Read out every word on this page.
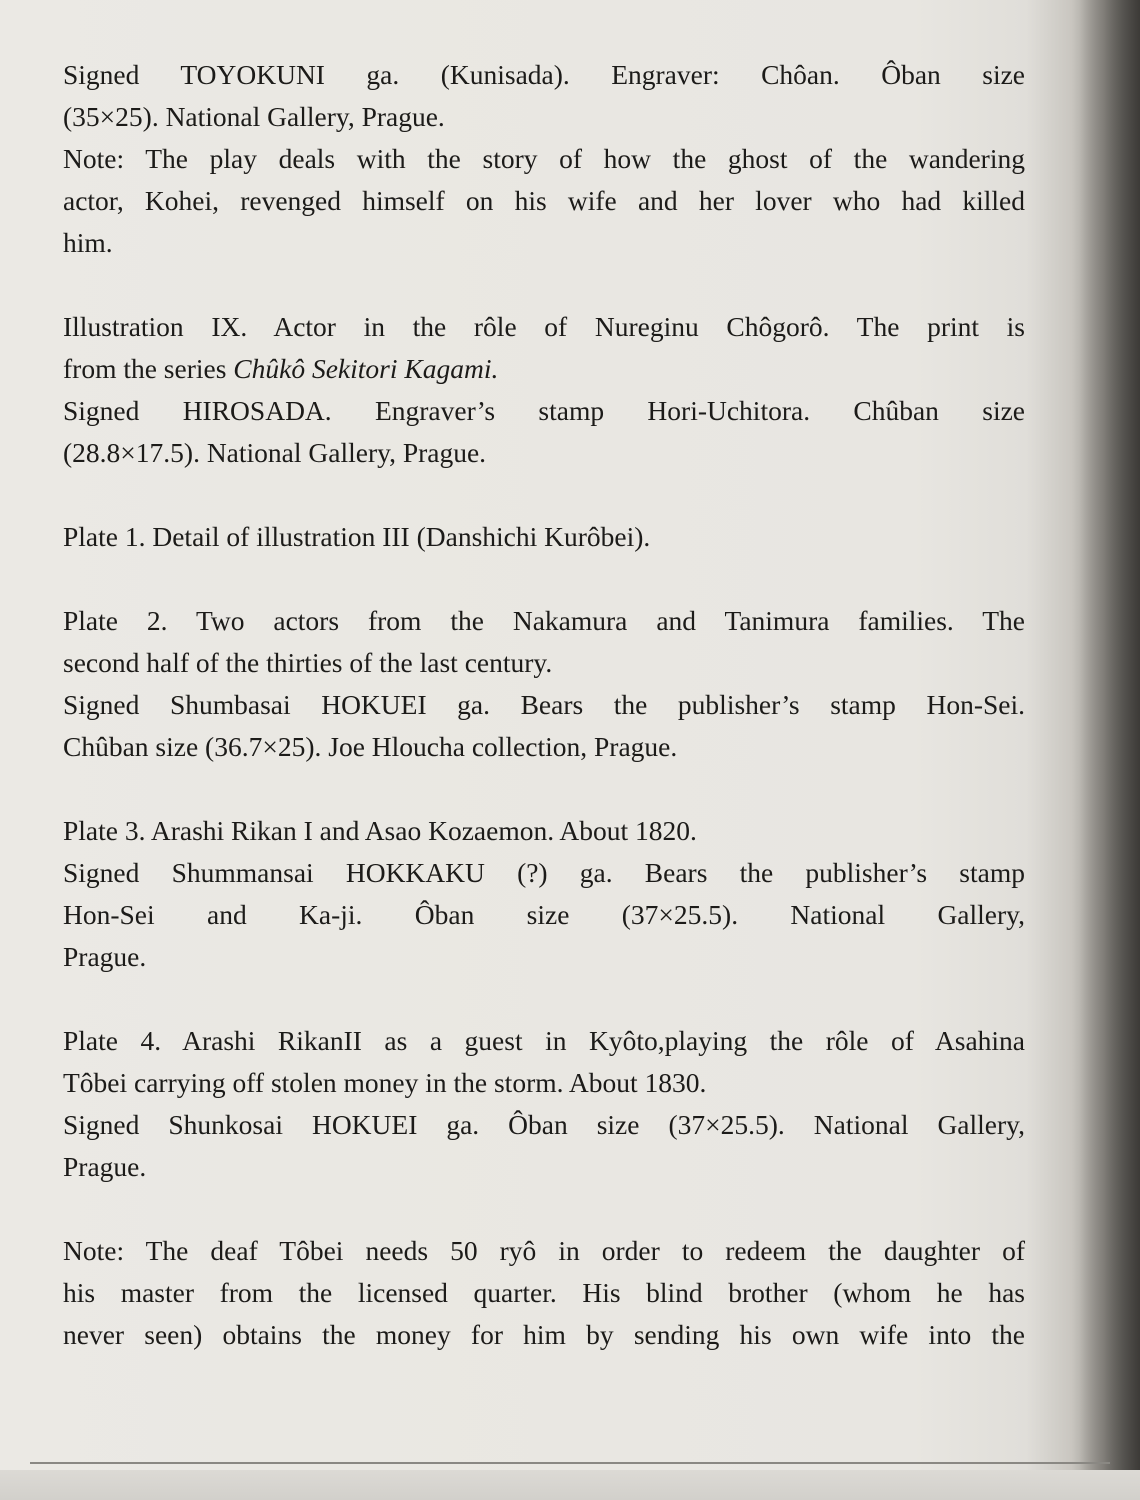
Signed TOYOKUNI ga. (Kunisada). Engraver: Chôan. Ôban size
(35×25). National Gallery, Prague.
Note: The play deals with the story of how the ghost of the wandering
actor, Kohei, revenged himself on his wife and her lover who had killed
him.
Illustration IX. Actor in the rôle of Nureginu Chôgorô. The print is
from the series Chûkô Sekitori Kagami.
Signed HIROSADA. Engraver’s stamp Hori-Uchitora. Chûban size
(28.8×17.5). National Gallery, Prague.
Plate 1. Detail of illustration III (Danshichi Kurôbei).
Plate 2. Two actors from the Nakamura and Tanimura families. The
second half of the thirties of the last century.
Signed Shumbasai HOKUEI ga. Bears the publisher’s stamp Hon-Sei.
Chûban size (36.7×25). Joe Hloucha collection, Prague.
Plate 3. Arashi Rikan I and Asao Kozaemon. About 1820.
Signed Shummansai HOKKAKU (?) ga. Bears the publisher’s stamp
Hon-Sei and Ka-ji. Ôban size (37×25.5). National Gallery,
Prague.
Plate 4. Arashi RikanII as a guest in Kyôto,playing the rôle of Asahina
Tôbei carrying off stolen money in the storm. About 1830.
Signed Shunkosai HOKUEI ga. Ôban size (37×25.5). National Gallery,
Prague.
Note: The deaf Tôbei needs 50 ryô in order to redeem the daughter of
his master from the licensed quarter. His blind brother (whom he has
never seen) obtains the money for him by sending his own wife into the
